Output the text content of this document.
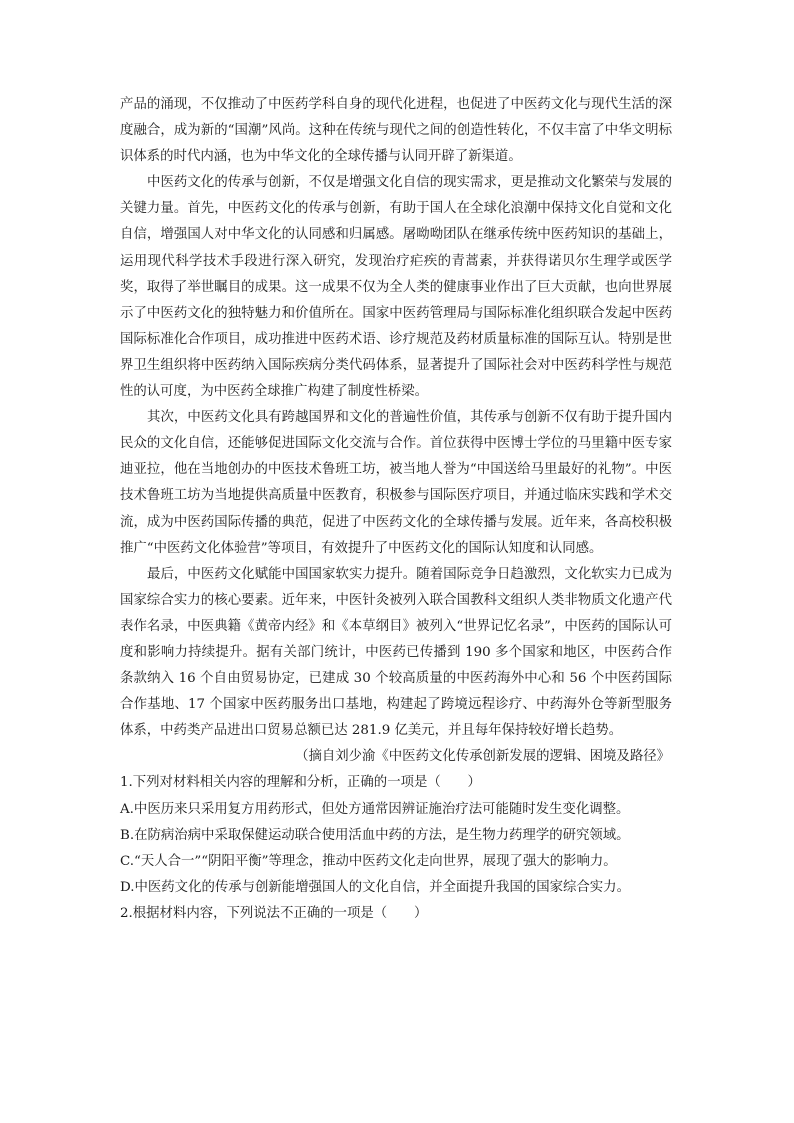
产品的涌现，不仅推动了中医药学科自身的现代化进程，也促进了中医药文化与现代生活的深度融合，成为新的“国潮”风尚。这种在传统与现代之间的创造性转化，不仅丰富了中华文明标识体系的时代内涵，也为中华文化的全球传播与认同开辟了新渠道。

中医药文化的传承与创新，不仅是增强文化自信的现实需求，更是推动文化繁荣与发展的关键力量。首先，中医药文化的传承与创新，有助于国人在全球化浪潮中保持文化自觉和文化自信，增强国人对中华文化的认同感和归属感。屠呦呦团队在继承传统中医药知识的基础上，运用现代科学技术手段进行深入研究，发现治疗疟疾的青蒿素，并获得诺贝尔生理学或医学奖，取得了举世瞩目的成果。这一成果不仅为全人类的健康事业作出了巨大贡献，也向世界展示了中医药文化的独特魅力和价值所在。国家中医药管理局与国际标准化组织联合发起中医药国际标准化合作项目，成功推进中医药术语、诊疗规范及药材质量标准的国际互认。特别是世界卫生组织将中医药纳入国际疾病分类代码体系，显著提升了国际社会对中医药科学性与规范性的认可度，为中医药全球推广构建了制度性桥梁。

其次，中医药文化具有跨越国界和文化的普遍性价值，其传承与创新不仅有助于提升国内民众的文化自信，还能够促进国际文化交流与合作。首位获得中医博士学位的马里籍中医专家迪亚拉，他在当地创办的中医技术鲁班工坊，被当地人誉为“中国送给马里最好的礼物”。中医技术鲁班工坊为当地提供高质量中医教育，积极参与国际医疗项目，并通过临床实践和学术交流，成为中医药国际传播的典范，促进了中医药文化的全球传播与发展。近年来，各高校积极推广“中医药文化体验营”等项目，有效提升了中医药文化的国际认知度和认同感。

最后，中医药文化赋能中国国家软实力提升。随着国际竞争日趋激烈，文化软实力已成为国家综合实力的核心要素。近年来，中医针灸被列入联合国教科文组织人类非物质文化遗产代表作名录，中医典籍《黄帝内经》和《本草纲目》被列入“世界记忆名录”，中医药的国际认可度和影响力持续提升。据有关部门统计，中医药已传播到 190 多个国家和地区，中医药合作条款纳入 16 个自由贸易协定，已建成 30 个较高质量的中医药海外中心和 56 个中医药国际合作基地、17 个国家中医药服务出口基地，构建起了跨境远程诊疗、中药海外仓等新型服务体系，中药类产品进出口贸易总额已达 281.9 亿美元，并且每年保持较好增长趋势。

（摘自刘少渝《中医药文化传承创新发展的逻辑、困境及路径》

1.下列对材料相关内容的理解和分析，正确的一项是（　　）

A.中医历来只采用复方用药形式，但处方通常因辨证施治疗法可能随时发生变化调整。

B.在防病治病中采取保健运动联合使用活血中药的方法，是生物力药理学的研究领域。

C.“天人合一”“阴阳平衡”等理念，推动中医药文化走向世界，展现了强大的影响力。

D.中医药文化的传承与创新能增强国人的文化自信，并全面提升我国的国家综合实力。

2.根据材料内容，下列说法不正确的一项是（　　）
